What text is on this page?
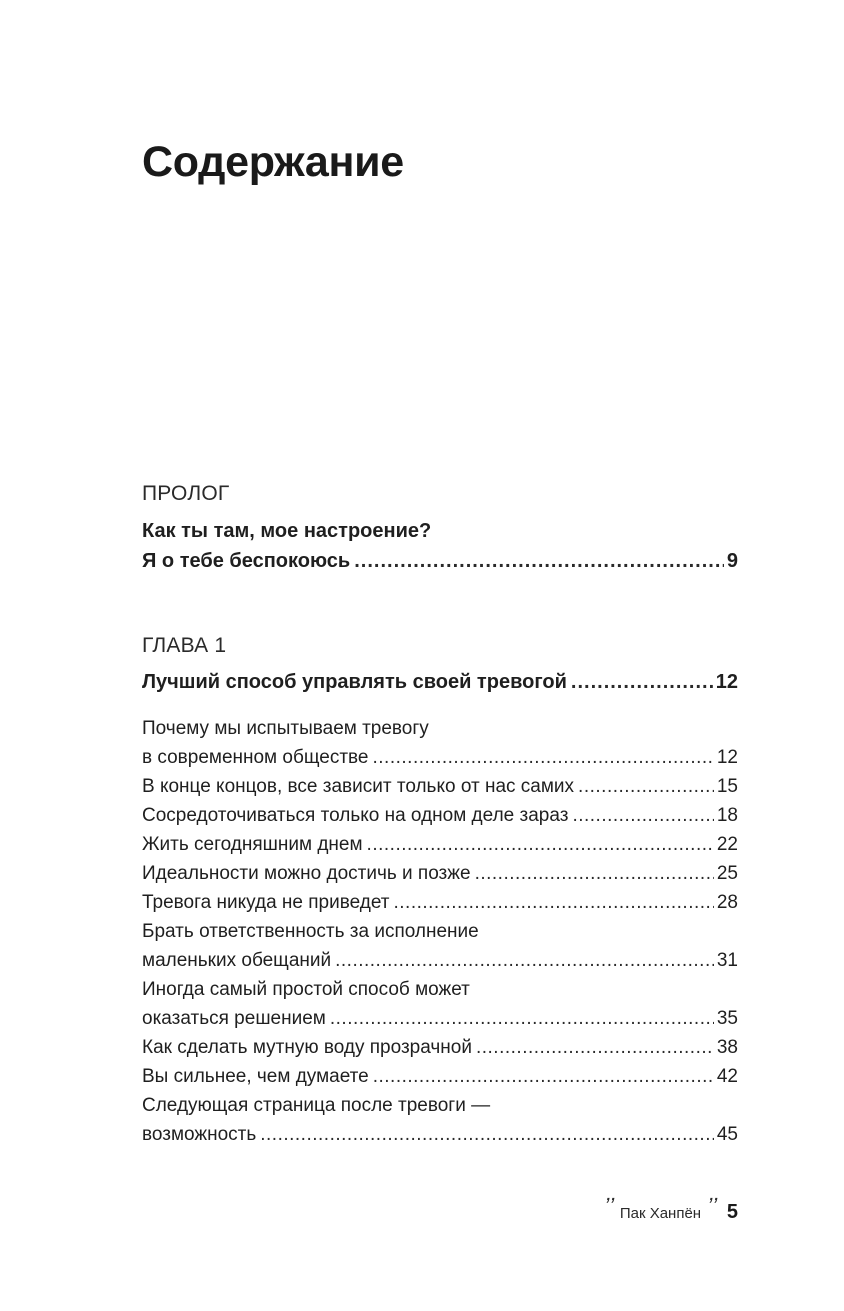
Содержание
ПРОЛОГ
Как ты там, мое настроение?
Я о тебе беспокоюсь .....	9
ГЛАВА 1
Лучший способ управлять своей тревогой .....	12
Почему мы испытываем тревогу
в современном обществе .....	12
В конце концов, все зависит только от нас самих .....	15
Сосредоточиваться только на одном деле зараз .....	18
Жить сегодняшним днем .....	22
Идеальности можно достичь и позже .....	25
Тревога никуда не приведет .....	28
Брать ответственность за исполнение
маленьких обещаний .....	31
Иногда самый простой способ может
оказаться решением .....	35
Как сделать мутную воду прозрачной .....	38
Вы сильнее, чем думаете .....	42
Следующая страница после тревоги —
возможность .....	45
ʼʼ Пак Ханпён ʼʼ 5
